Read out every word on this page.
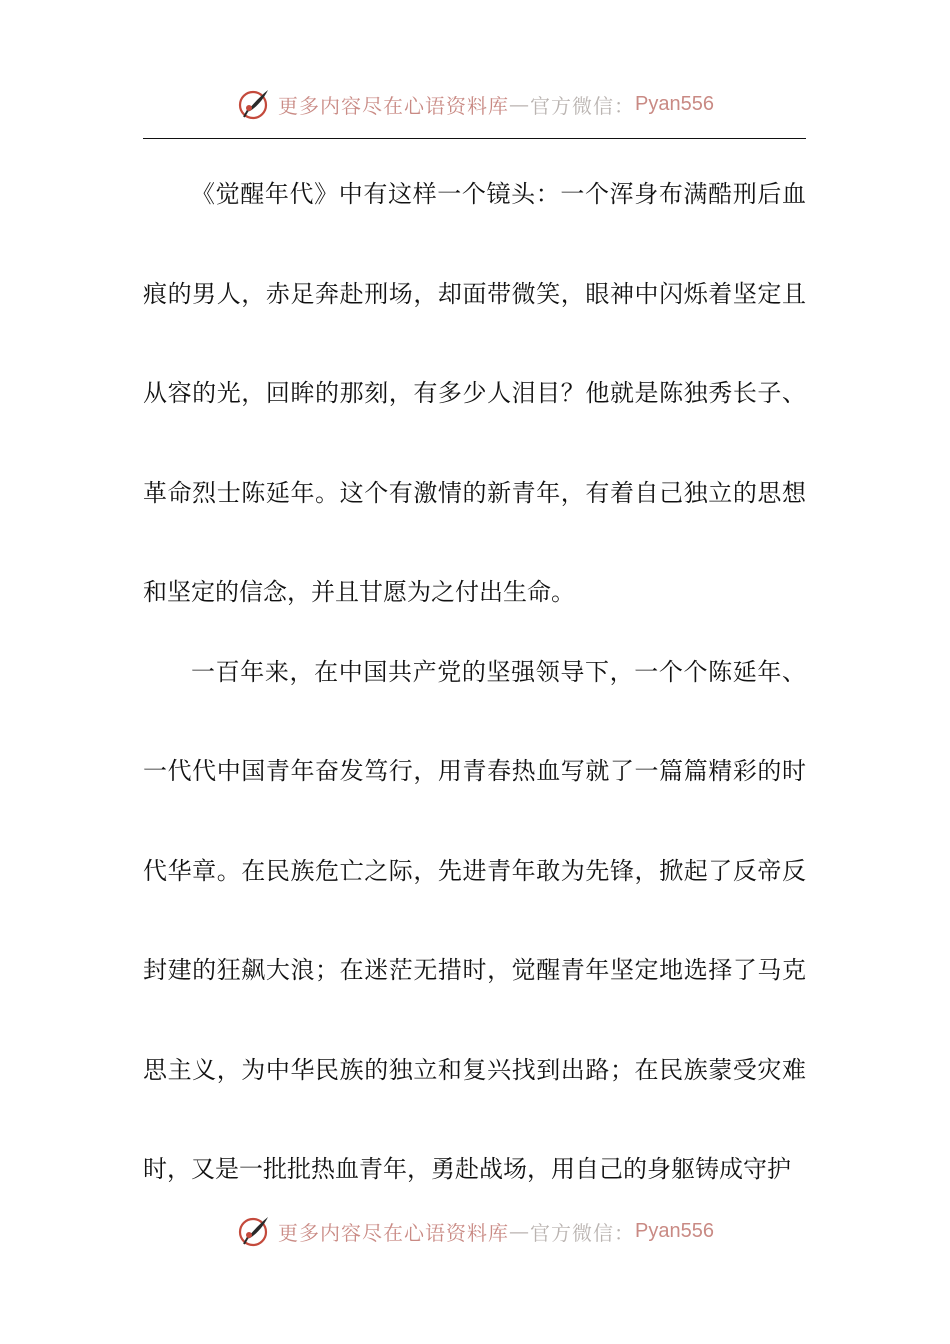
更多内容尽在心语资料库 — 官方微信： Pyan556

《觉醒年代》中有这样一个镜头：一个浑身布满酷刑后血痕的男人，赤足奔赴刑场，却面带微笑，眼神中闪烁着坚定且从容的光，回眸的那刻，有多少人泪目？他就是陈独秀长子、革命烈士陈延年。这个有激情的新青年，有着自己独立的思想和坚定的信念，并且甘愿为之付出生命。

一百年来，在中国共产党的坚强领导下，一个个陈延年、一代代中国青年奋发笃行，用青春热血写就了一篇篇精彩的时代华章。在民族危亡之际，先进青年敢为先锋，掀起了反帝反封建的狂飙大浪；在迷茫无措时，觉醒青年坚定地选择了马克思主义，为中华民族的独立和复兴找到出路；在民族蒙受灾难时，又是一批批热血青年，勇赴战场，用自己的身躯铸成守护

更多内容尽在心语资料库 — 官方微信： Pyan556
